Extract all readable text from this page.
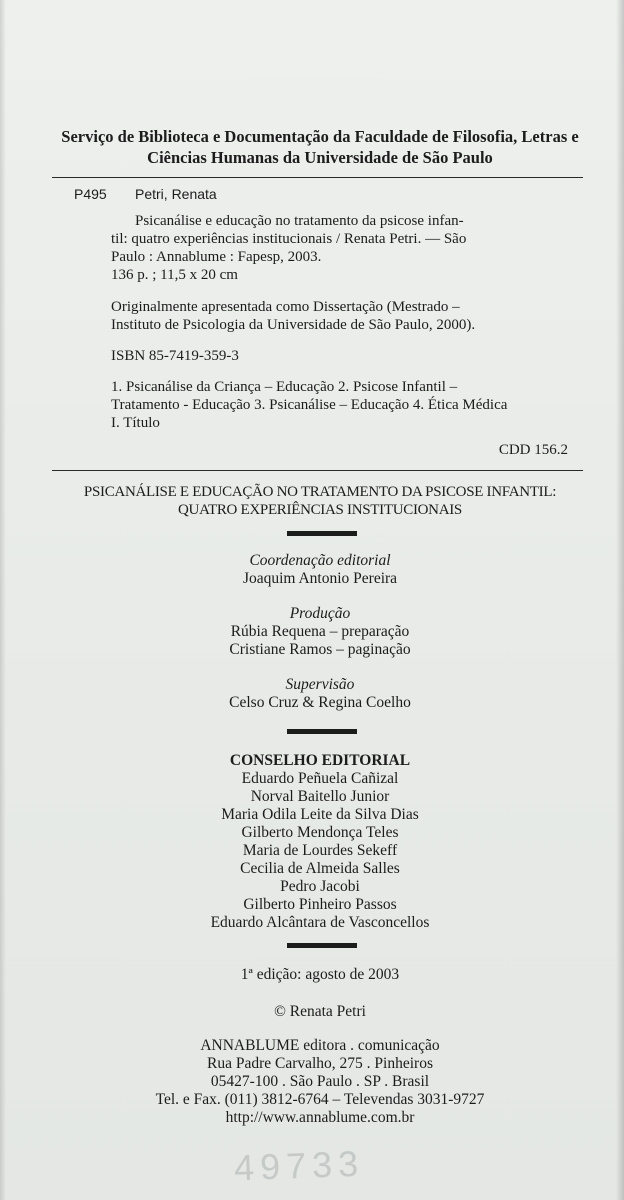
Serviço de Biblioteca e Documentação da Faculdade de Filosofia, Letras e
Ciências Humanas da Universidade de São Paulo
P495 Petri, Renata
Psicanálise e educação no tratamento da psicose infan-
til: quatro experiências institucionais / Renata Petri. — São
Paulo : Annablume : Fapesp, 2003.
136 p. ; 11,5 x 20 cm
Originalmente apresentada como Dissertação (Mestrado –
Instituto de Psicologia da Universidade de São Paulo, 2000).
ISBN 85-7419-359-3
1. Psicanálise da Criança – Educação 2. Psicose Infantil –
Tratamento - Educação 3. Psicanálise – Educação 4. Ética Médica
I. Título
CDD 156.2
PSICANÁLISE E EDUCAÇÃO NO TRATAMENTO DA PSICOSE INFANTIL:
QUATRO EXPERIÊNCIAS INSTITUCIONAIS
Coordenação editorial
Joaquim Antonio Pereira
Produção
Rúbia Requena – preparação
Cristiane Ramos – paginação
Supervisão
Celso Cruz & Regina Coelho
CONSELHO EDITORIAL
Eduardo Peñuela Cañizal
Norval Baitello Junior
Maria Odila Leite da Silva Dias
Gilberto Mendonça Teles
Maria de Lourdes Sekeff
Cecilia de Almeida Salles
Pedro Jacobi
Gilberto Pinheiro Passos
Eduardo Alcântara de Vasconcellos
1ª edição: agosto de 2003
© Renata Petri
ANNABLUME editora . comunicação
Rua Padre Carvalho, 275 . Pinheiros
05427-100 . São Paulo . SP . Brasil
Tel. e Fax. (011) 3812-6764 – Televendas 3031-9727
http://www.annablume.com.br
49733
